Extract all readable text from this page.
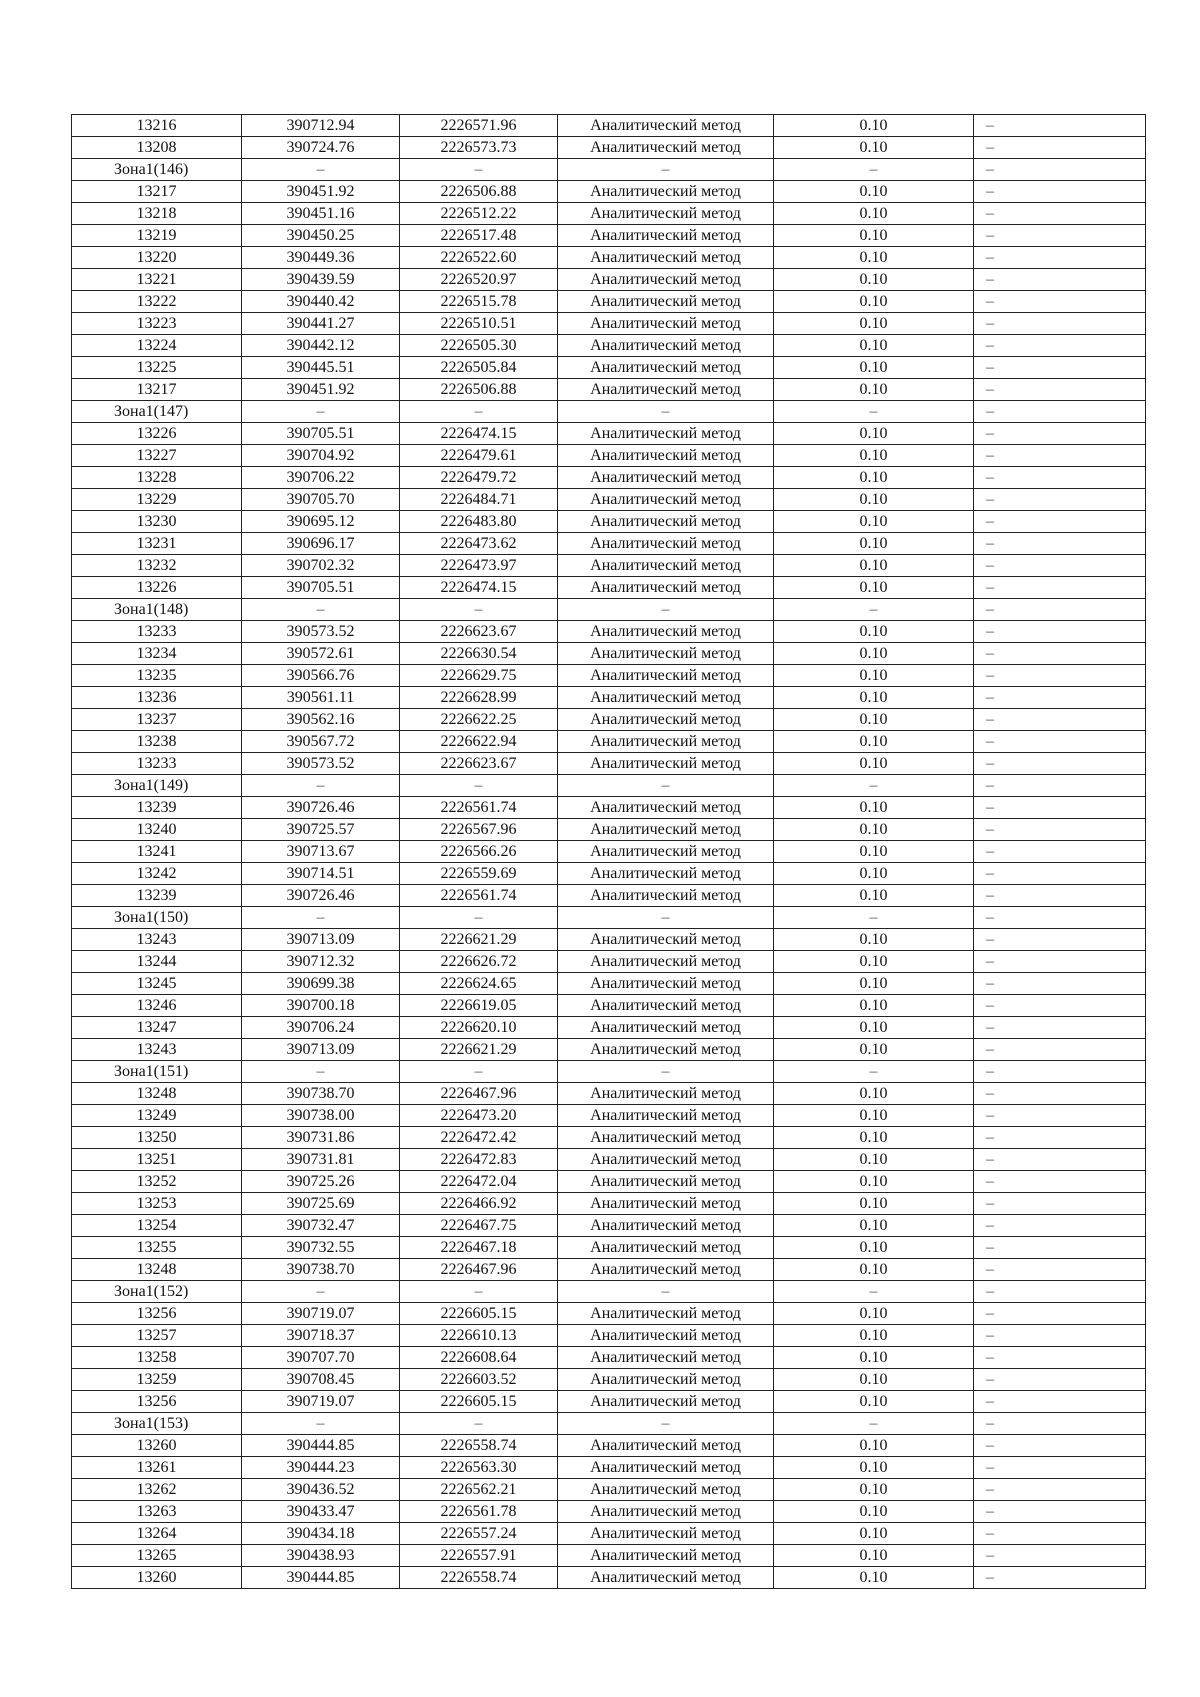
13216	390712.94	2226571.96	Аналитический метод	0.10	–
13208	390724.76	2226573.73	Аналитический метод	0.10	–
Зона1(146)	–	–	–	–	–
13217	390451.92	2226506.88	Аналитический метод	0.10	–
13218	390451.16	2226512.22	Аналитический метод	0.10	–
13219	390450.25	2226517.48	Аналитический метод	0.10	–
13220	390449.36	2226522.60	Аналитический метод	0.10	–
13221	390439.59	2226520.97	Аналитический метод	0.10	–
13222	390440.42	2226515.78	Аналитический метод	0.10	–
13223	390441.27	2226510.51	Аналитический метод	0.10	–
13224	390442.12	2226505.30	Аналитический метод	0.10	–
13225	390445.51	2226505.84	Аналитический метод	0.10	–
13217	390451.92	2226506.88	Аналитический метод	0.10	–
Зона1(147)	–	–	–	–	–
13226	390705.51	2226474.15	Аналитический метод	0.10	–
13227	390704.92	2226479.61	Аналитический метод	0.10	–
13228	390706.22	2226479.72	Аналитический метод	0.10	–
13229	390705.70	2226484.71	Аналитический метод	0.10	–
13230	390695.12	2226483.80	Аналитический метод	0.10	–
13231	390696.17	2226473.62	Аналитический метод	0.10	–
13232	390702.32	2226473.97	Аналитический метод	0.10	–
13226	390705.51	2226474.15	Аналитический метод	0.10	–
Зона1(148)	–	–	–	–	–
13233	390573.52	2226623.67	Аналитический метод	0.10	–
13234	390572.61	2226630.54	Аналитический метод	0.10	–
13235	390566.76	2226629.75	Аналитический метод	0.10	–
13236	390561.11	2226628.99	Аналитический метод	0.10	–
13237	390562.16	2226622.25	Аналитический метод	0.10	–
13238	390567.72	2226622.94	Аналитический метод	0.10	–
13233	390573.52	2226623.67	Аналитический метод	0.10	–
Зона1(149)	–	–	–	–	–
13239	390726.46	2226561.74	Аналитический метод	0.10	–
13240	390725.57	2226567.96	Аналитический метод	0.10	–
13241	390713.67	2226566.26	Аналитический метод	0.10	–
13242	390714.51	2226559.69	Аналитический метод	0.10	–
13239	390726.46	2226561.74	Аналитический метод	0.10	–
Зона1(150)	–	–	–	–	–
13243	390713.09	2226621.29	Аналитический метод	0.10	–
13244	390712.32	2226626.72	Аналитический метод	0.10	–
13245	390699.38	2226624.65	Аналитический метод	0.10	–
13246	390700.18	2226619.05	Аналитический метод	0.10	–
13247	390706.24	2226620.10	Аналитический метод	0.10	–
13243	390713.09	2226621.29	Аналитический метод	0.10	–
Зона1(151)	–	–	–	–	–
13248	390738.70	2226467.96	Аналитический метод	0.10	–
13249	390738.00	2226473.20	Аналитический метод	0.10	–
13250	390731.86	2226472.42	Аналитический метод	0.10	–
13251	390731.81	2226472.83	Аналитический метод	0.10	–
13252	390725.26	2226472.04	Аналитический метод	0.10	–
13253	390725.69	2226466.92	Аналитический метод	0.10	–
13254	390732.47	2226467.75	Аналитический метод	0.10	–
13255	390732.55	2226467.18	Аналитический метод	0.10	–
13248	390738.70	2226467.96	Аналитический метод	0.10	–
Зона1(152)	–	–	–	–	–
13256	390719.07	2226605.15	Аналитический метод	0.10	–
13257	390718.37	2226610.13	Аналитический метод	0.10	–
13258	390707.70	2226608.64	Аналитический метод	0.10	–
13259	390708.45	2226603.52	Аналитический метод	0.10	–
13256	390719.07	2226605.15	Аналитический метод	0.10	–
Зона1(153)	–	–	–	–	–
13260	390444.85	2226558.74	Аналитический метод	0.10	–
13261	390444.23	2226563.30	Аналитический метод	0.10	–
13262	390436.52	2226562.21	Аналитический метод	0.10	–
13263	390433.47	2226561.78	Аналитический метод	0.10	–
13264	390434.18	2226557.24	Аналитический метод	0.10	–
13265	390438.93	2226557.91	Аналитический метод	0.10	–
13260	390444.85	2226558.74	Аналитический метод	0.10	–
